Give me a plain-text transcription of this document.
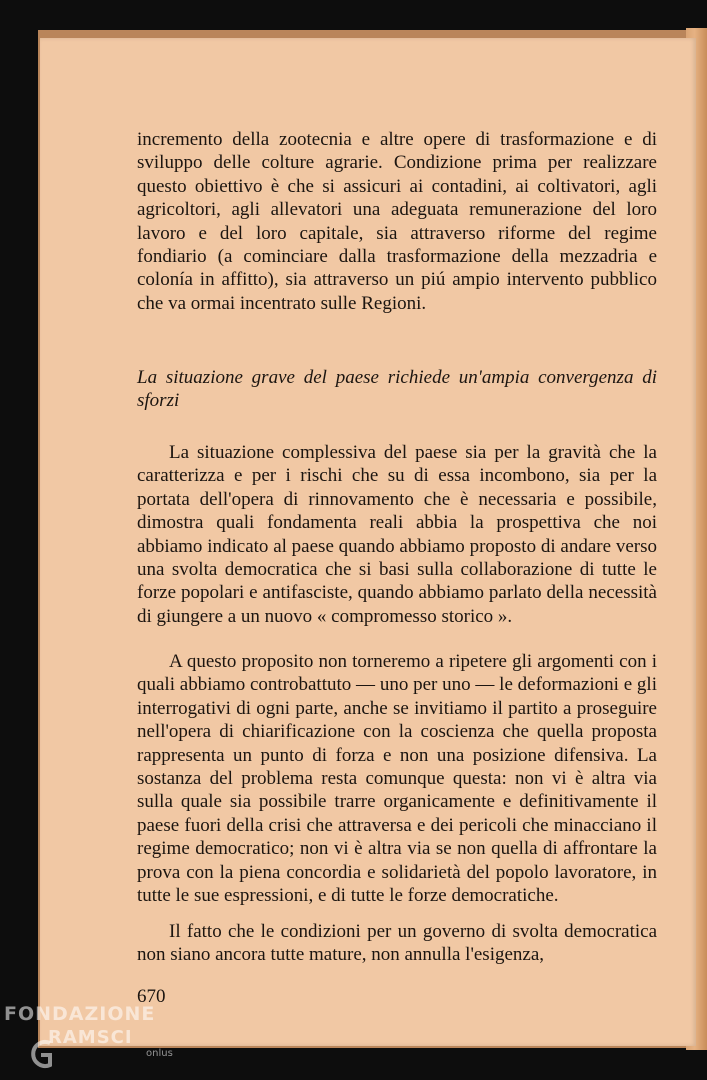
incremento della zootecnia e altre opere di trasformazione e di sviluppo delle colture agrarie. Condizione prima per realizzare questo obiettivo è che si assicuri ai contadini, ai coltivatori, agli agricoltori, agli allevatori una adeguata remunerazione del loro lavoro e del loro capitale, sia attraverso riforme del regime fondiario (a cominciare dalla trasformazione della mezzadria e colonía in affitto), sia attraverso un piú ampio intervento pubblico che va ormai incentrato sulle Regioni.

La situazione grave del paese richiede un'ampia convergenza di sforzi

La situazione complessiva del paese sia per la gravità che la caratterizza e per i rischi che su di essa incombono, sia per la portata dell'opera di rinnovamento che è necessaria e possibile, dimostra quali fondamenta reali abbia la prospettiva che noi abbiamo indicato al paese quando abbiamo proposto di andare verso una svolta democratica che si basi sulla collaborazione di tutte le forze popolari e antifasciste, quando abbiamo parlato della necessità di giungere a un nuovo « compromesso storico ».

A questo proposito non torneremo a ripetere gli argomenti con i quali abbiamo controbattuto — uno per uno — le deformazioni e gli interrogativi di ogni parte, anche se invitiamo il partito a proseguire nell'opera di chiarificazione con la coscienza che quella proposta rappresenta un punto di forza e non una posizione difensiva. La sostanza del problema resta comunque questa: non vi è altra via sulla quale sia possibile trarre organicamente e definitivamente il paese fuori della crisi che attraversa e dei pericoli che minacciano il regime democratico; non vi è altra via se non quella di affrontare la prova con la piena concordia e solidarietà del popolo lavoratore, in tutte le sue espressioni, e di tutte le forze democratiche.

Il fatto che le condizioni per un governo di svolta democratica non siano ancora tutte mature, non annulla l'esigenza,

670
FONDAZIONE
RAMSCI
onlus
